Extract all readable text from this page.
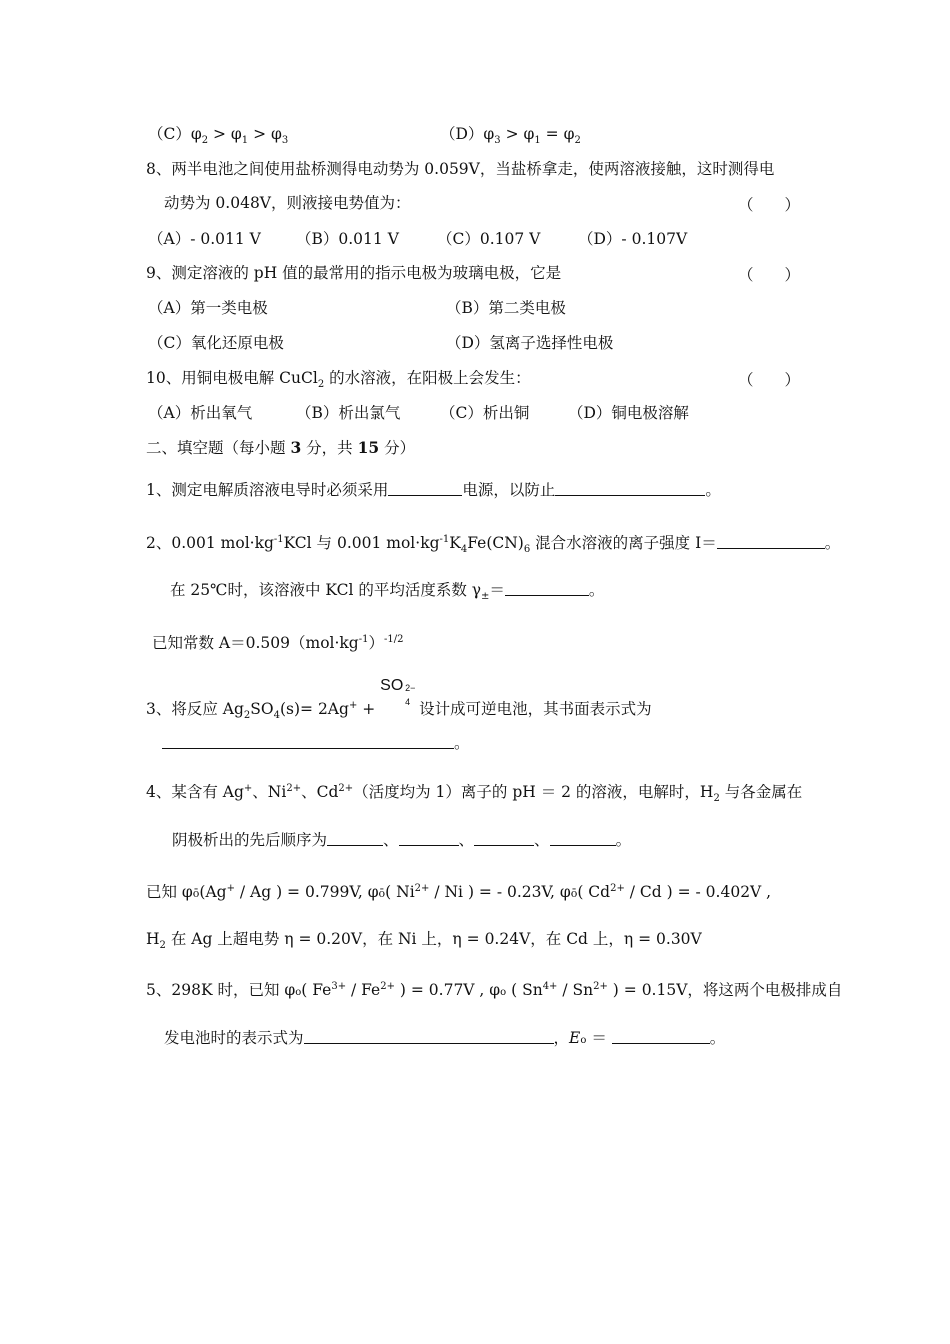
$(C)\varphi_2 > \varphi_1 > \varphi_3$	$(D)\varphi_3 > \varphi_1 = \varphi_2$
8、两半电池之间使用盐桥测得电动势为 0.059V，当盐桥拿走，使两溶液接触，这时测得电
动势为 0.048V，则液接电势值为：	（　　）
（A）- 0.011 V （B）0.011 V （C）0.107 V （D）- 0.107V
9、测定溶液的 pH 值的最常用的指示电极为玻璃电极，它是	（　　）
（A）第一类电极	（B）第二类电极
（C）氧化还原电极	（D）氢离子选择性电极
10、用铜电极电解 CuCl$_2$ 的水溶液，在阳极上会发生：	（　　）
（A）析出氧气	（B）析出氯气	（C）析出铜 （D）铜电极溶解
二、填空题（每小题 3 分，共 15 分）
1、测定电解质溶液电导时必须采用	电源，以防止	。
2、0.001 $mol\cdot kg^{-1}KCl$ 与 0.001 $mol\cdot kg^{-1}K_4Fe(CN)_6$ 混合水溶液的离子强度 I＝	。
在 25℃时，该溶液中 KCl 的平均活度系数 $\gamma_\pm=$	。
已知常数 $A=0.509(mol\cdot kg^{-1})^{-1/2}$
3、将反应 $Ag_2SO_4(s)= 2Ag^+$ +
SO 2−
4 设计成可逆电池，其书面表示式为
。
4、某含有 Ag+、$Ni^{2+}$、$Cd^{2+}$（活度均为 1）离子的 pH ＝ 2 的溶液，电解时，$H_2$ 与各金属在
阴极析出的先后顺序为	、	、	、	。
已知 φō(Ag+ / Ag ) = 0.799V, φō( $Ni^{2+}$ / Ni ) = - 0.23V, φō( $Cd^{2+}$ / Cd ) = - 0.402V ,
$H_2$ 在 Ag 上超电势 η = 0.20V，在 Ni 上，η = 0.24V，在 Cd 上，η = 0.30V
5、298K 时，已知 φo( $Fe^{3+} / Fe^{2+}$ ) = 0.77V , φo ( $Sn^{4+} / Sn^{2+}$ ) = 0.15V，将这两个电极排成自
发电池时的表示式为	，Eo ＝	。
